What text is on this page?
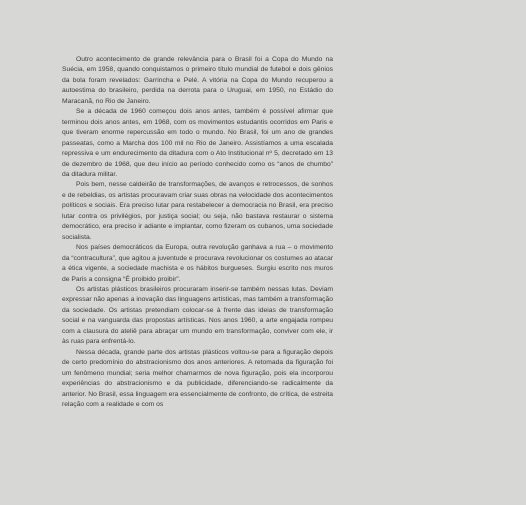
Outro acontecimento de grande relevância para o Brasil foi a Copa do Mundo na Suécia, em 1958, quando conquistamos o primeiro título mundial de futebol e dois gênios da bola foram revelados: Garrincha e Pelé. A vitória na Copa do Mundo recuperou a autoestima do brasileiro, perdida na derrota para o Uruguai, em 1950, no Estádio do Maracanã, no Rio de Janeiro.

Se a década de 1960 começou dois anos antes, também é possível afirmar que terminou dois anos antes, em 1968, com os movimentos estudantis ocorridos em Paris e que tiveram enorme repercussão em todo o mundo. No Brasil, foi um ano de grandes passeatas, como a Marcha dos 100 mil no Rio de Janeiro. Assistíamos a uma escalada repressiva e um endurecimento da ditadura com o Ato Institucional nº 5, decretado em 13 de dezembro de 1968, que deu início ao período conhecido como os “anos de chumbo” da ditadura militar.

Pois bem, nesse caldeirão de transformações, de avanços e retrocessos, de sonhos e de rebeldias, os artistas procuravam criar suas obras na velocidade dos acontecimentos políticos e sociais. Era preciso lutar para restabelecer a democracia no Brasil, era preciso lutar contra os privilégios, por justiça social; ou seja, não bastava restaurar o sistema democrático, era preciso ir adiante e implantar, como fizeram os cubanos, uma sociedade socialista.

Nos países democráticos da Europa, outra revolução ganhava a rua – o movimento da “contracultura”, que agitou a juventude e procurava revolucionar os costumes ao atacar a ética vigente, a sociedade machista e os hábitos burgueses. Surgiu escrito nos muros de Paris a consigna “É proibido proibir”.

Os artistas plásticos brasileiros procuraram inserir-se também nessas lutas. Deviam expressar não apenas a inovação das linguagens artísticas, mas também a transformação da sociedade. Os artistas pretendiam colocar-se à frente das ideias de transformação social e na vanguarda das propostas artísticas. Nos anos 1960, a arte engajada rompeu com a clausura do ateliê para abraçar um mundo em transformação, conviver com ele, ir às ruas para enfrentá-lo.

Nessa década, grande parte dos artistas plásticos voltou-se para a figuração depois de certo predomínio do abstracionismo dos anos anteriores. A retomada da figuração foi um fenômeno mundial; seria melhor chamarmos de nova figuração, pois ela incorporou experiências do abstracionismo e da publicidade, diferenciando-se radicalmente da anterior. No Brasil, essa linguagem era essencialmente de confronto, de crítica, de estreita relação com a realidade e com os
